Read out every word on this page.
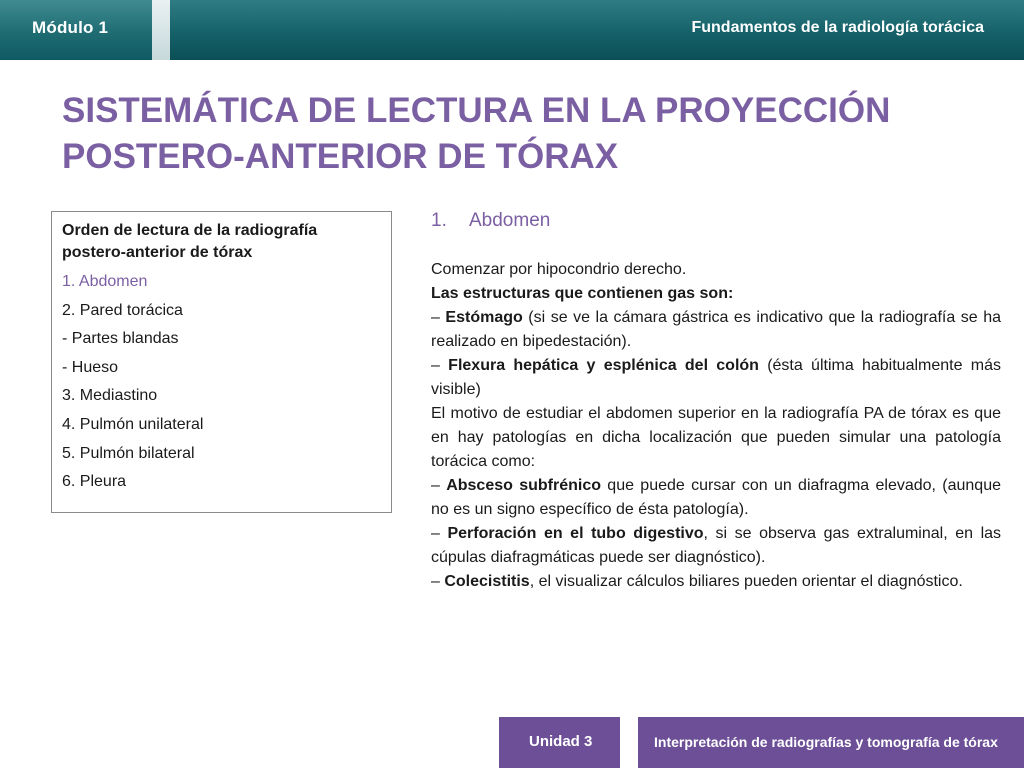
Módulo 1	Fundamentos de la radiología torácica
SISTEMÁTICA DE LECTURA EN LA PROYECCIÓN
POSTERO-ANTERIOR DE TÓRAX
Orden de lectura de la radiografía postero-anterior de tórax
1. Abdomen
2. Pared torácica
- Partes blandas
- Hueso
3. Mediastino
4. Pulmón unilateral
5. Pulmón bilateral
6. Pleura
1. Abdomen

Comenzar por hipocondrio derecho.

Las estructuras que contienen gas son:

– Estómago (si se ve la cámara gástrica es indicativo que la radiografía se ha realizado en bipedestación).

– Flexura hepática y esplénica del colón (ésta última habitualmente más visible)

El motivo de estudiar el abdomen superior en la radiografía PA de tórax es que en hay patologías en dicha localización que pueden simular una patología torácica como:

– Absceso subfrénico que puede cursar con un diafragma elevado, (aunque no es un signo específico de ésta patología).

– Perforación en el tubo digestivo, si se observa gas extraluminal, en las cúpulas diafragmáticas puede ser diagnóstico).

– Colecistitis, el visualizar cálculos biliares pueden orientar el diagnóstico.

Unidad 3	Interpretación de radiografías y tomografía de tórax
